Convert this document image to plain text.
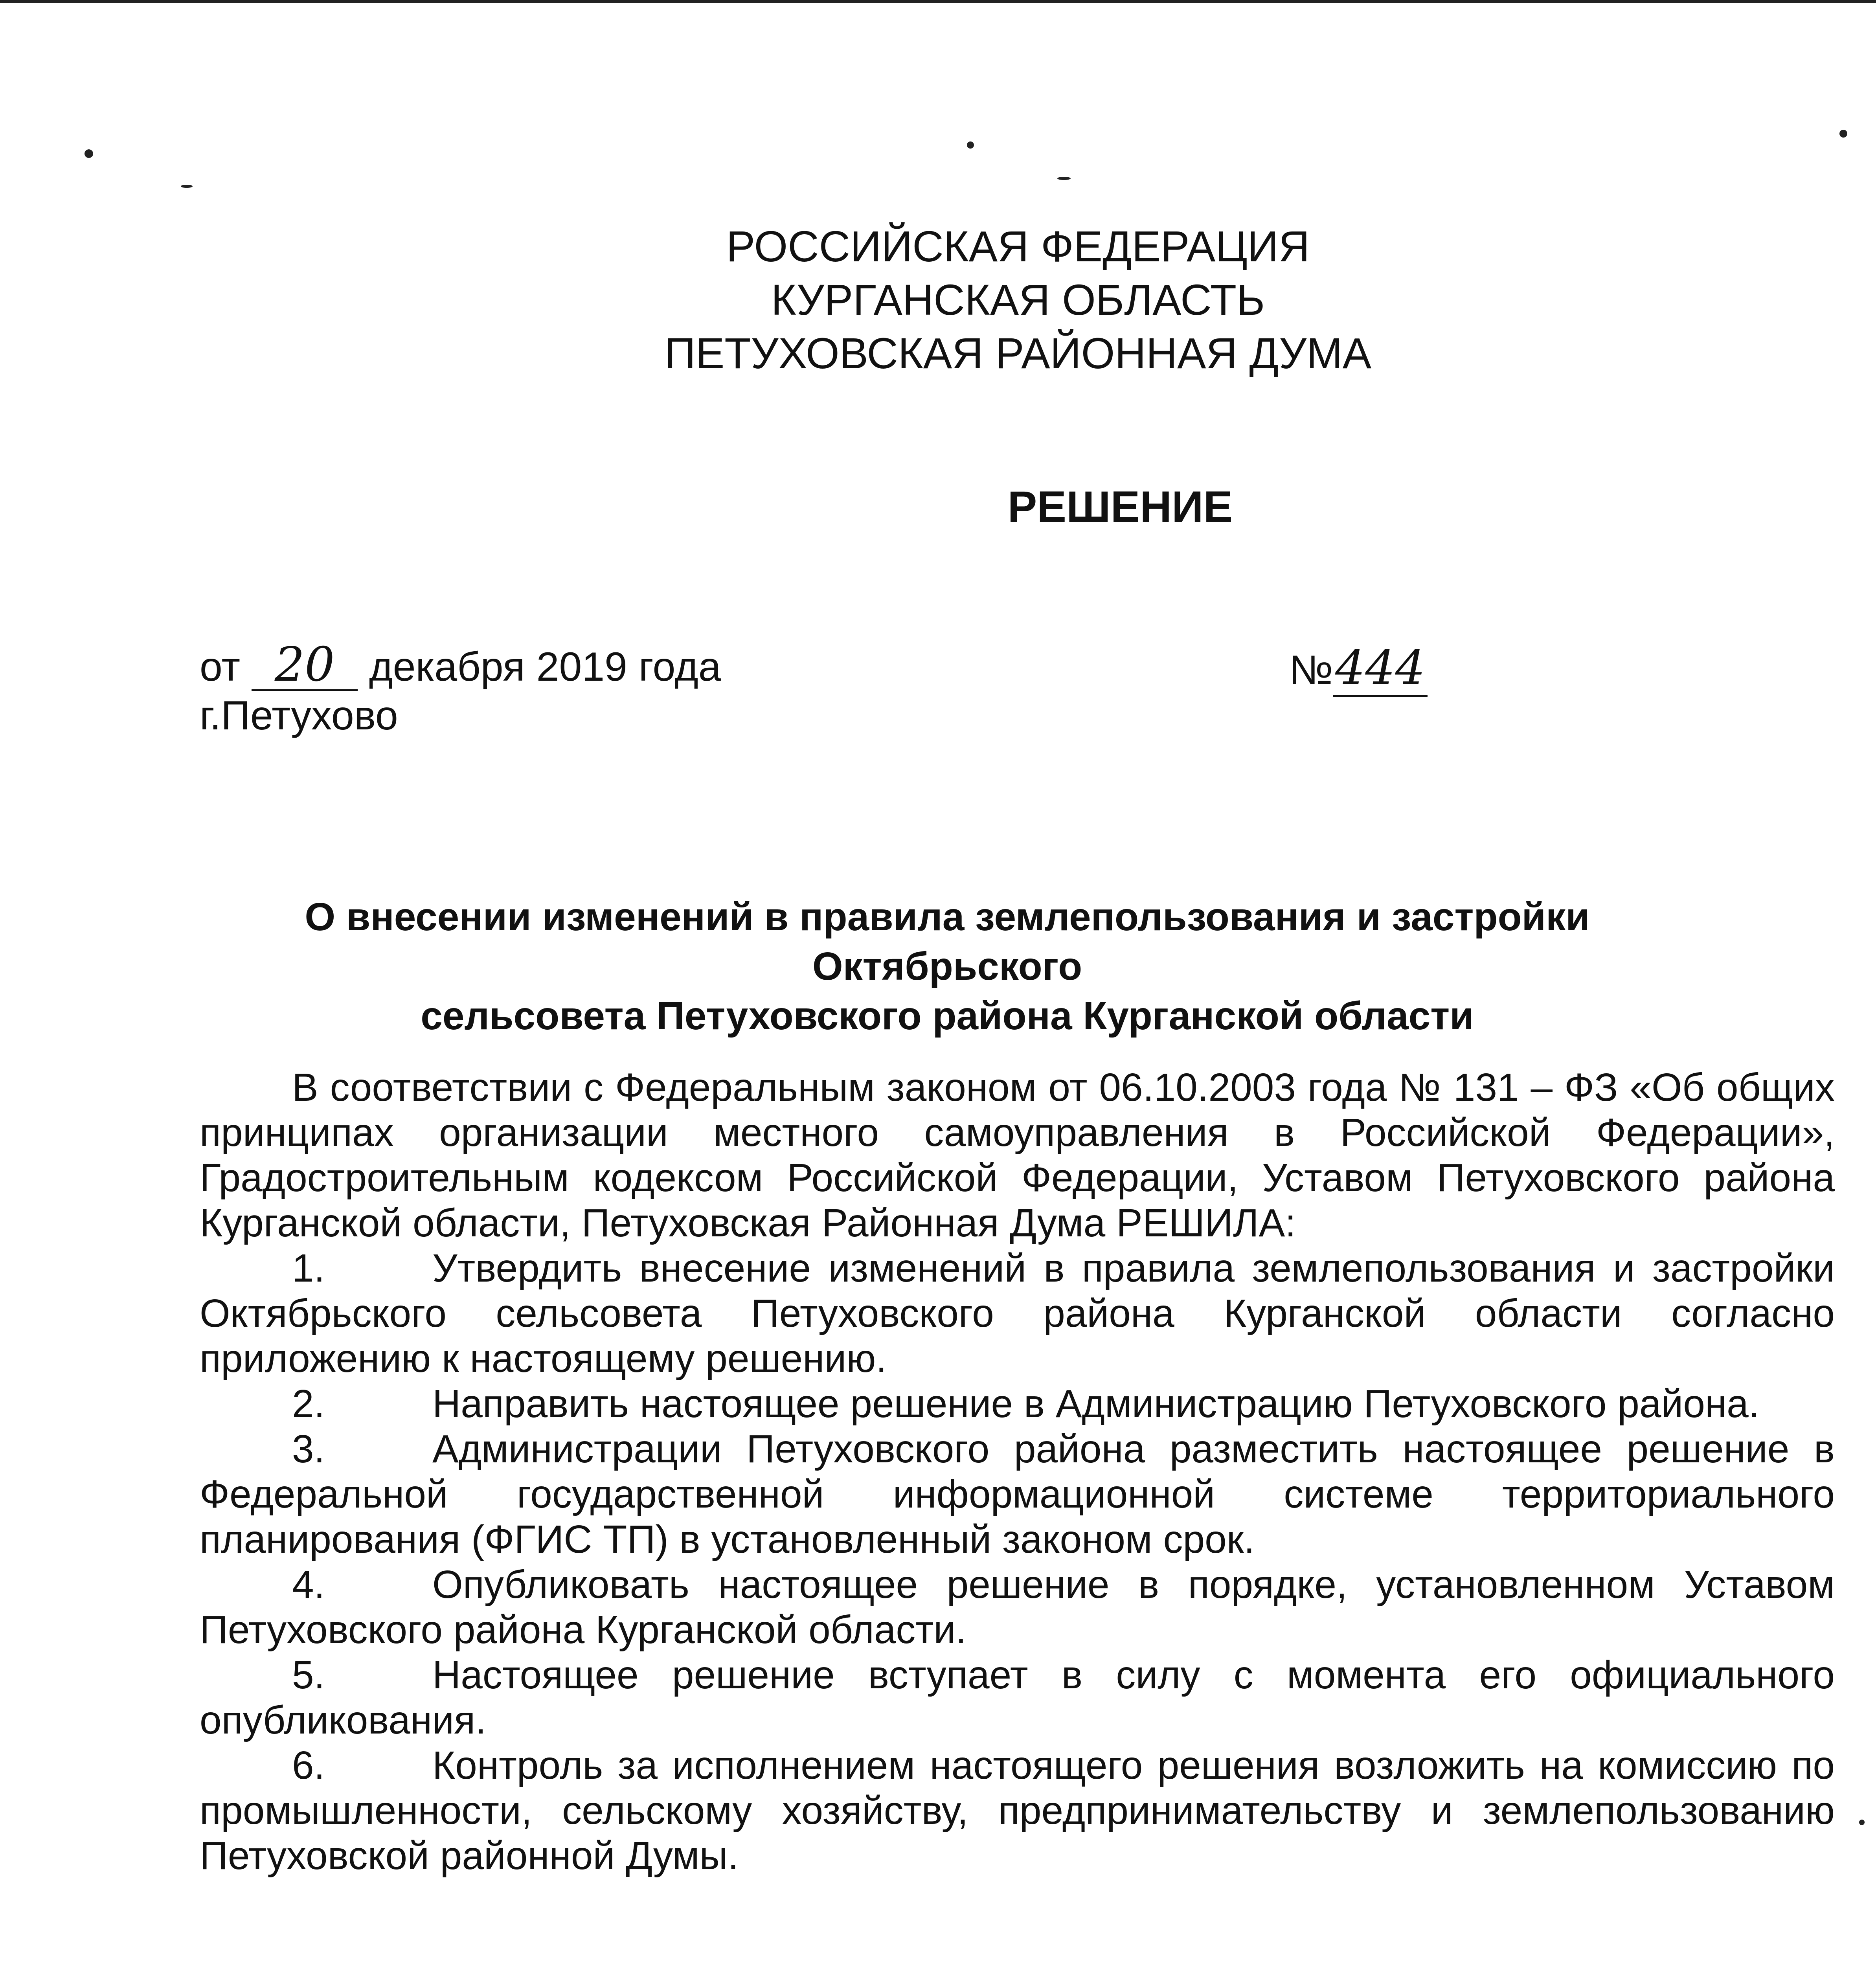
РОССИЙСКАЯ ФЕДЕРАЦИЯ
КУРГАНСКАЯ ОБЛАСТЬ
ПЕТУХОВСКАЯ РАЙОННАЯ ДУМА
РЕШЕНИЕ
от 20 декабря 2019 года
г.Петухово
№444
О внесении изменений в правила землепользования и застройки Октябрьского
сельсовета Петуховского района Курганской области

В соответствии с Федеральным законом от 06.10.2003 года № 131 – ФЗ «Об общих принципах организации местного самоуправления в Российской Федерации», Градостроительным кодексом Российской Федерации, Уставом Петуховского района Курганской области, Петуховская Районная Дума РЕШИЛА:

1.	Утвердить внесение изменений в правила землепользования и застройки Октябрьского сельсовета Петуховского района Курганской области согласно приложению к настоящему решению.

2.	Направить настоящее решение в Администрацию Петуховского района.

3.	Администрации Петуховского района разместить настоящее решение в Федеральной государственной информационной системе территориального планирования (ФГИС ТП) в установленный законом срок.

4.	Опубликовать настоящее решение в порядке, установленном Уставом Петуховского района Курганской области.

5.	Настоящее решение вступает в силу с момента его официального опубликования.

6.	Контроль за исполнением настоящего решения возложить на комиссию по промышленности, сельскому хозяйству, предпринимательству и землепользованию Петуховской районной Думы.
